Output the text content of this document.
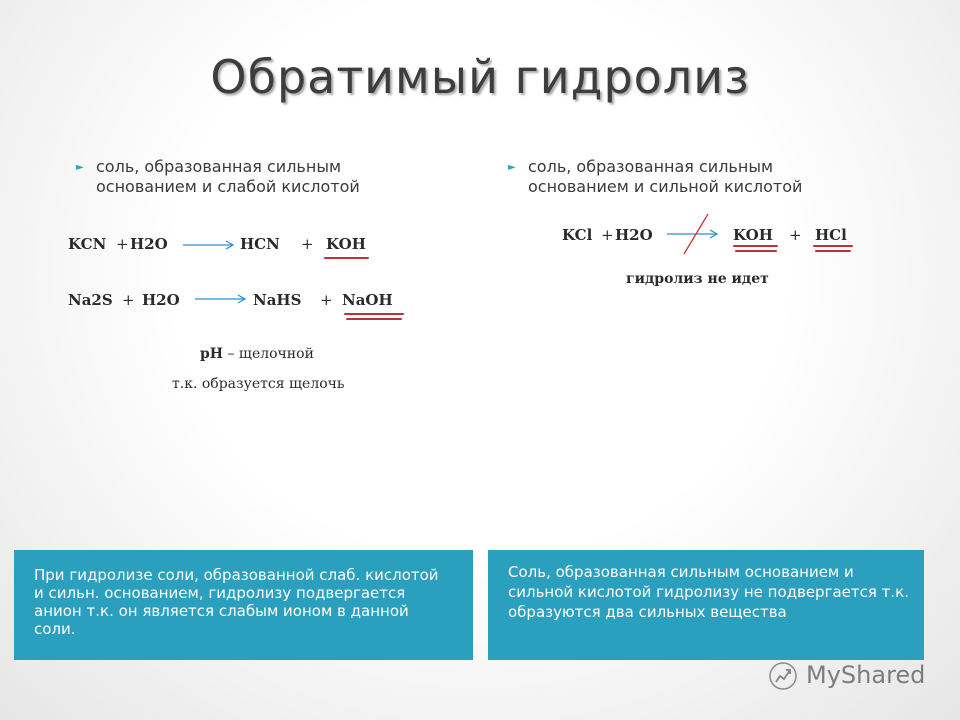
Обратимый гидролиз
► соль, образованная сильным основанием и слабой кислотой
KCN + H2O → HCN + KOH
Na2S + H2O → NaHS + NaOH
pH – щелочной
т.к. образуется щелочь
При гидролизе соли, образованной слаб. кислотой и сильн. основанием, гидролизу подвергается анион т.к. он является слабым ионом в данной соли.
► соль, образованная сильным основанием и сильной кислотой
KCl + H2O	KOH + HCl
гидролиз не идет
Соль, образованная сильным основанием и сильной кислотой гидролизу не подвергается т.к. образуются два сильных вещества
MyShared
